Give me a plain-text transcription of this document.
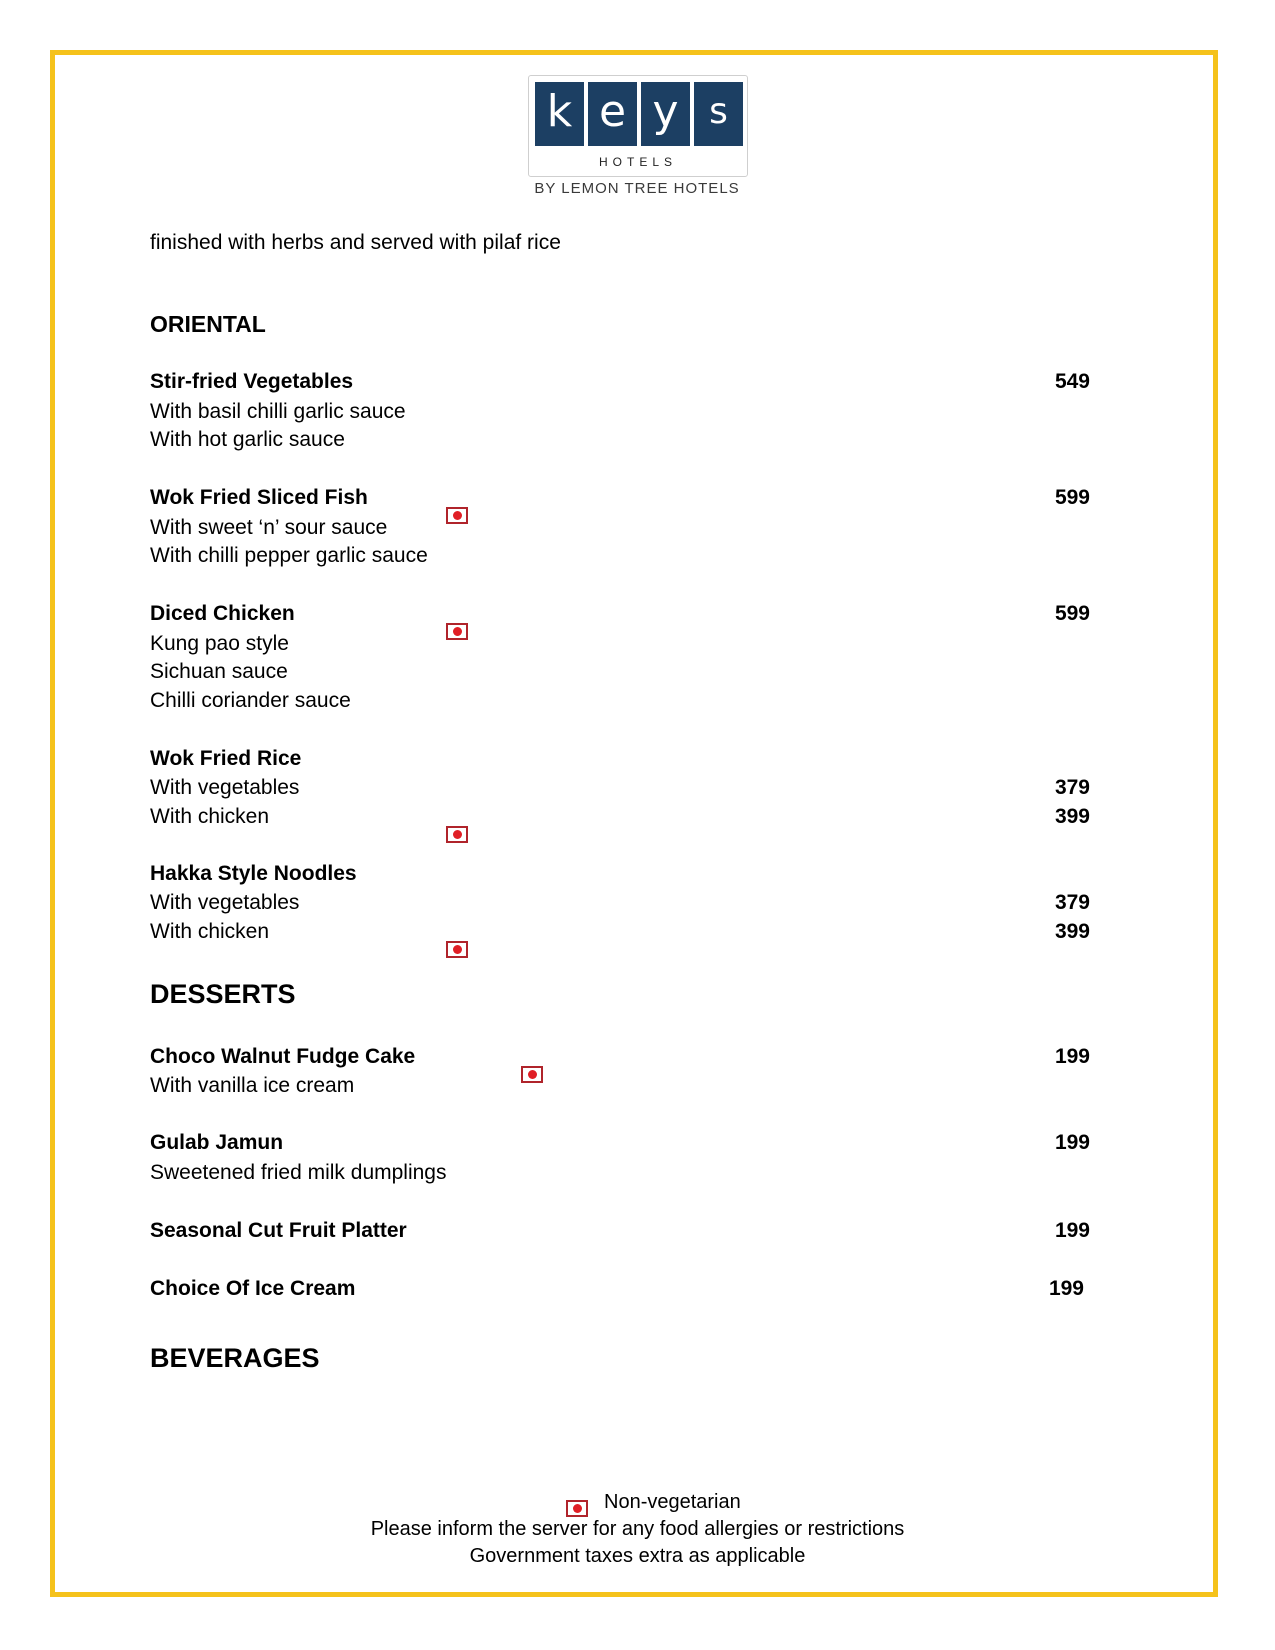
k e y s
HOTELS
BY LEMON TREE HOTELS
finished with herbs and served with pilaf rice
ORIENTAL
Stir-fried Vegetables	549
With basil chilli garlic sauce
With hot garlic sauce
Wok Fried Sliced Fish	599
With sweet ‘n’ sour sauce
With chilli pepper garlic sauce
Diced Chicken	599
Kung pao style
Sichuan sauce
Chilli coriander sauce
Wok Fried Rice
With vegetables	379
With chicken	399
Hakka Style Noodles
With vegetables	379
With chicken	399
DESSERTS
Choco Walnut Fudge Cake	199
With vanilla ice cream
Gulab Jamun	199
Sweetened fried milk dumplings
Seasonal Cut Fruit Platter	199
Choice Of Ice Cream	199
BEVERAGES
Non-vegetarian
Please inform the server for any food allergies or restrictions
Government taxes extra as applicable
